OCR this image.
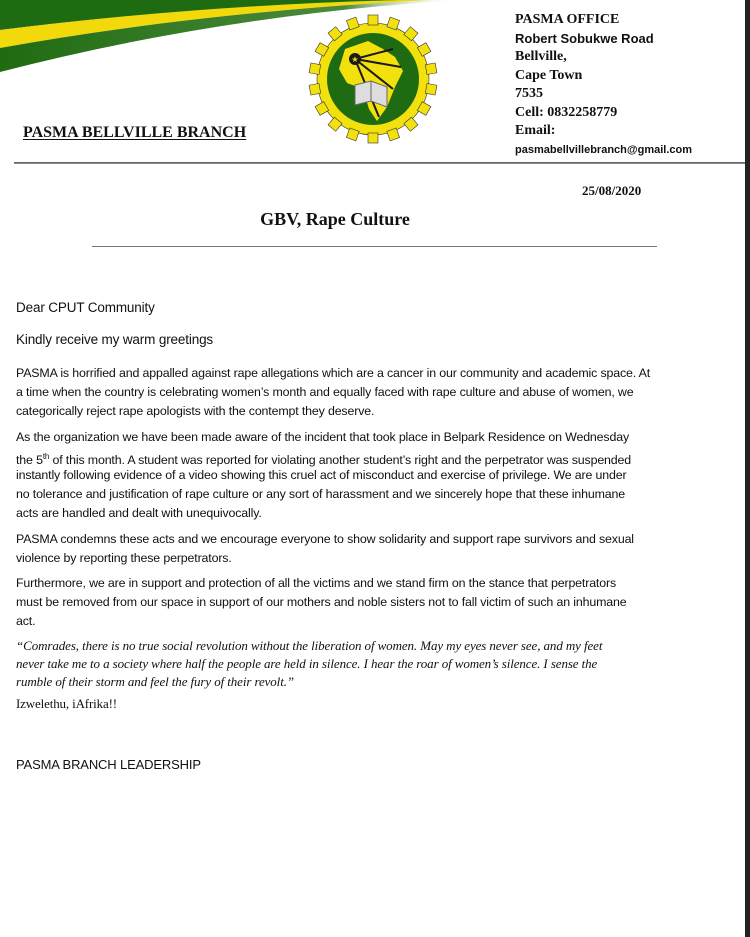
★
PASMA OFFICE
Robert Sobukwe Road
Bellville,
Cape Town
7535
Cell: 0832258779
Email:
pasmabellvillebranch@gmail.com
PASMA BELLVILLE BRANCH
25/08/2020
GBV, Rape Culture
Dear CPUT Community
Kindly receive my warm greetings
PASMA is horrified and appalled against rape allegations which are a cancer in our community and academic space. At
a time when the country is celebrating women’s month and equally faced with rape culture and abuse of women, we
categorically reject rape apologists with the contempt they deserve.
As the organization we have been made aware of the incident that took place in Belpark Residence on Wednesday
the 5th of this month. A student was reported for violating another student’s right and the perpetrator was suspended
instantly following evidence of a video showing this cruel act of misconduct and exercise of privilege. We are under
no tolerance and justification of rape culture or any sort of harassment and we sincerely hope that these inhumane
acts are handled and dealt with unequivocally.
PASMA condemns these acts and we encourage everyone to show solidarity and support rape survivors and sexual
violence by reporting these perpetrators.
Furthermore, we are in support and protection of all the victims and we stand firm on the stance that perpetrators
must be removed from our space in support of our mothers and noble sisters not to fall victim of such an inhumane
act.
“Comrades, there is no true social revolution without the liberation of women. May my eyes never see, and my feet
never take me to a society where half the people are held in silence. I hear the roar of women’s silence. I sense the
rumble of their storm and feel the fury of their revolt.”
Izwelethu, iAfrika!!
PASMA BRANCH LEADERSHIP
